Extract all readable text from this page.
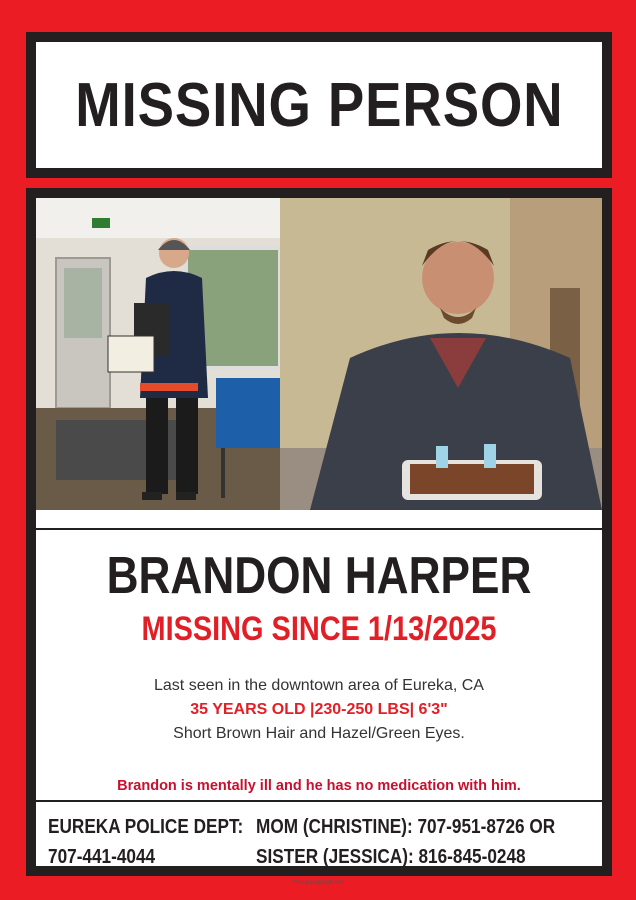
MISSING PERSON
BRANDON HARPER
MISSING SINCE 1/13/2025
Last seen in the downtown area of Eureka, CA
35 YEARS OLD |230-250 LBS| 6'3"
Short Brown Hair and Hazel/Green Eyes.
Brandon is mentally ill and he has no medication with him.
EUREKA POLICE DEPT:
707-441-4044
MOM (CHRISTINE): 707-951-8726 OR
SISTER (JESSICA): 816-845-0248
Your paragraph text
